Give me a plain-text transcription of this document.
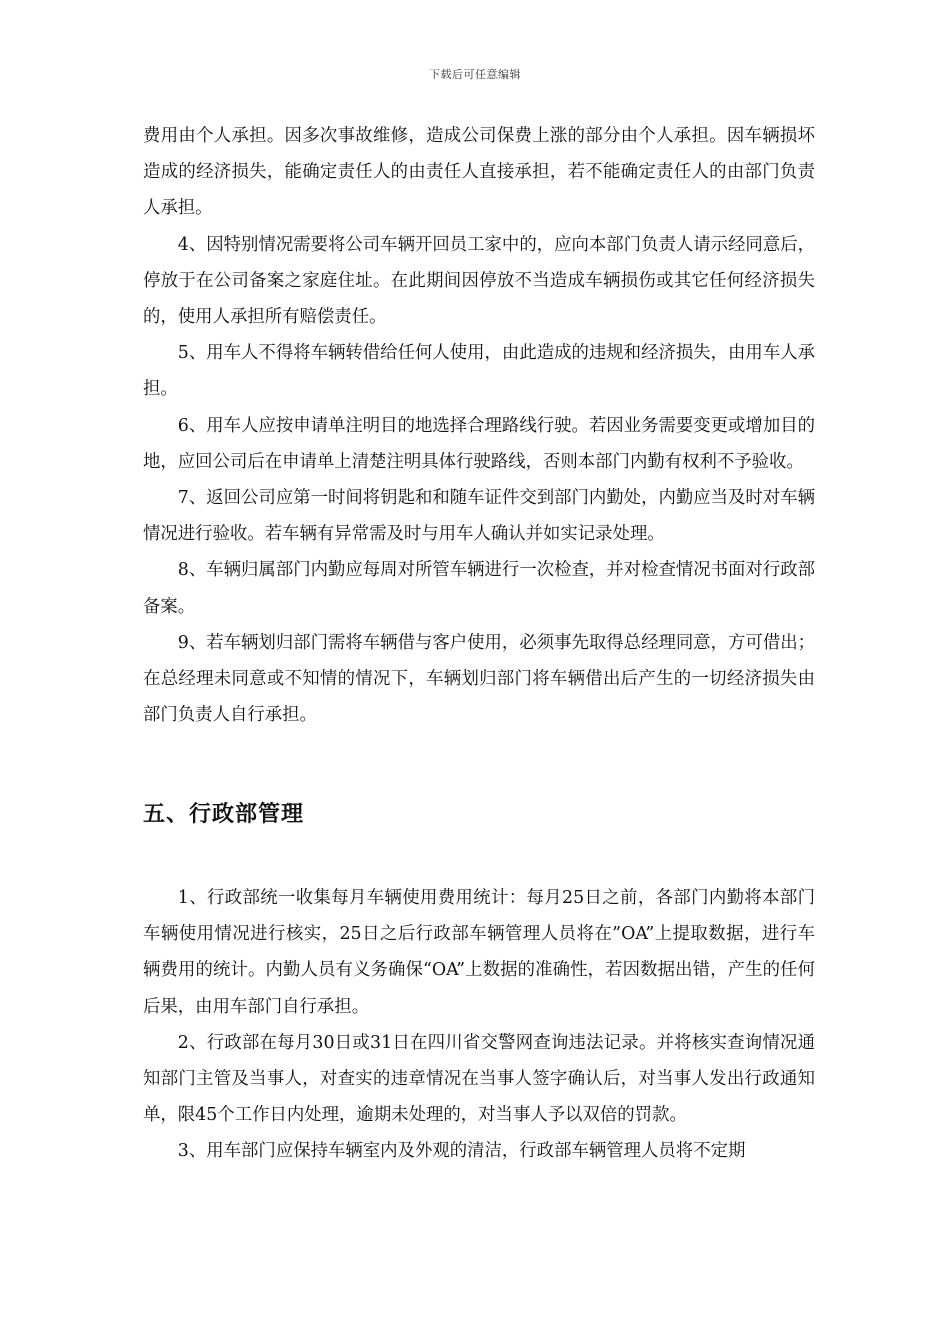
下载后可任意编辑

费用由个人承担。因多次事故维修，造成公司保费上涨的部分由个人承担。因车辆损坏造成的经济损失，能确定责任人的由责任人直接承担，若不能确定责任人的由部门负责人承担。

4、因特别情况需要将公司车辆开回员工家中的，应向本部门负责人请示经同意后，停放于在公司备案之家庭住址。在此期间因停放不当造成车辆损伤或其它任何经济损失的，使用人承担所有赔偿责任。

5、用车人不得将车辆转借给任何人使用，由此造成的违规和经济损失，由用车人承担。

6、用车人应按申请单注明目的地选择合理路线行驶。若因业务需要变更或增加目的地，应回公司后在申请单上清楚注明具体行驶路线，否则本部门内勤有权利不予验收。

7、返回公司应第一时间将钥匙和和随车证件交到部门内勤处，内勤应当及时对车辆情况进行验收。若车辆有异常需及时与用车人确认并如实记录处理。

8、车辆归属部门内勤应每周对所管车辆进行一次检查，并对检查情况书面对行政部备案。

9、若车辆划归部门需将车辆借与客户使用，必须事先取得总经理同意，方可借出；在总经理未同意或不知情的情况下，车辆划归部门将车辆借出后产生的一切经济损失由部门负责人自行承担。

五、行政部管理

1、行政部统一收集每月车辆使用费用统计：每月25日之前，各部门内勤将本部门车辆使用情况进行核实，25日之后行政部车辆管理人员将在”OA”上提取数据，进行车辆费用的统计。内勤人员有义务确保“OA”上数据的准确性，若因数据出错，产生的任何后果，由用车部门自行承担。

2、行政部在每月30日或31日在四川省交警网查询违法记录。并将核实查询情况通知部门主管及当事人，对查实的违章情况在当事人签字确认后，对当事人发出行政通知单，限45个工作日内处理，逾期未处理的，对当事人予以双倍的罚款。

3、用车部门应保持车辆室内及外观的清洁，行政部车辆管理人员将不定期
